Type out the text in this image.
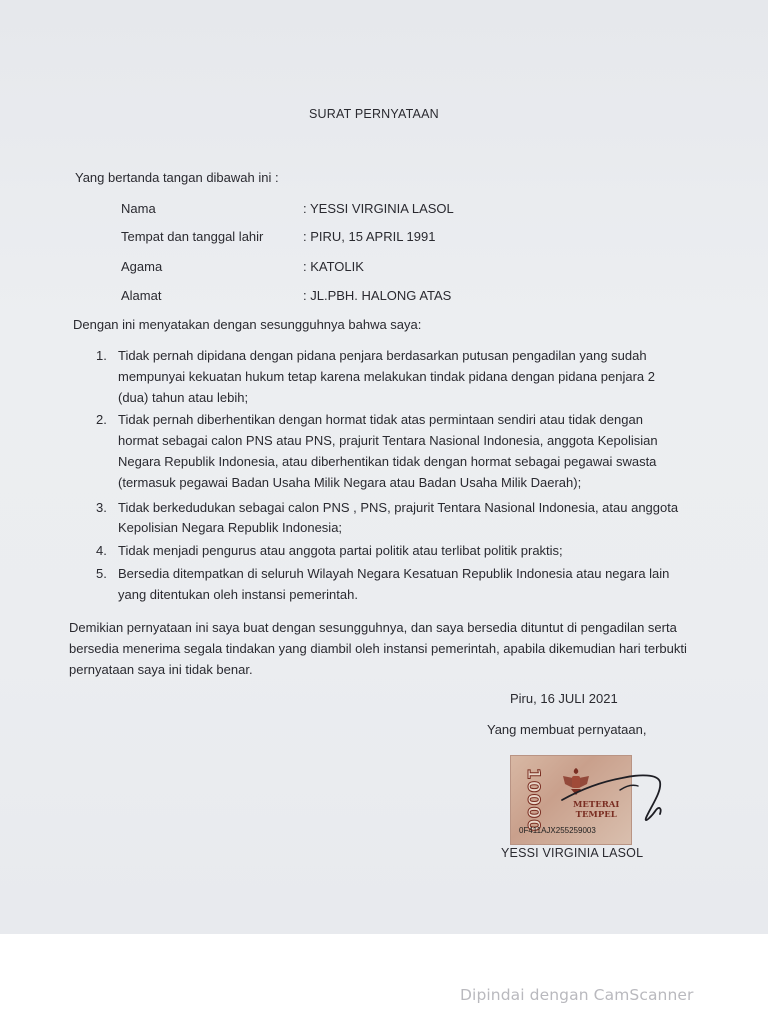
SURAT PERNYATAAN
Yang bertanda tangan dibawah ini :
Nama	: YESSI VIRGINIA LASOL
Tempat dan tanggal lahir	: PIRU, 15 APRIL 1991
Agama	: KATOLIK
Alamat	: JL.PBH. HALONG ATAS
Dengan ini menyatakan dengan sesungguhnya bahwa saya:
1. Tidak pernah dipidana dengan pidana penjara berdasarkan putusan pengadilan yang sudah mempunyai kekuatan hukum tetap karena melakukan tindak pidana dengan pidana penjara 2 (dua) tahun atau lebih;
2. Tidak pernah diberhentikan dengan hormat tidak atas permintaan sendiri atau tidak dengan hormat sebagai calon PNS atau PNS, prajurit Tentara Nasional Indonesia, anggota Kepolisian Negara Republik Indonesia, atau diberhentikan tidak dengan hormat sebagai pegawai swasta (termasuk pegawai Badan Usaha Milik Negara atau Badan Usaha Milik Daerah);
3. Tidak berkedudukan sebagai calon PNS , PNS, prajurit Tentara Nasional Indonesia, atau anggota Kepolisian Negara Republik Indonesia;
4. Tidak menjadi pengurus atau anggota partai politik atau terlibat politik praktis;
5. Bersedia ditempatkan di seluruh Wilayah Negara Kesatuan Republik Indonesia atau negara lain yang ditentukan oleh instansi pemerintah.

Demikian pernyataan ini saya buat dengan sesungguhnya, dan saya bersedia dituntut di pengadilan serta bersedia menerima segala tindakan yang diambil oleh instansi pemerintah, apabila dikemudian hari terbukti pernyataan saya ini tidak benar.

Piru, 16 JULI 2021
Yang membuat pernyataan,
10000	METERAI
TEMPEL
0F411AJX255259003
YESSI VIRGINIA LASOL
Dipindai dengan CamScanner
